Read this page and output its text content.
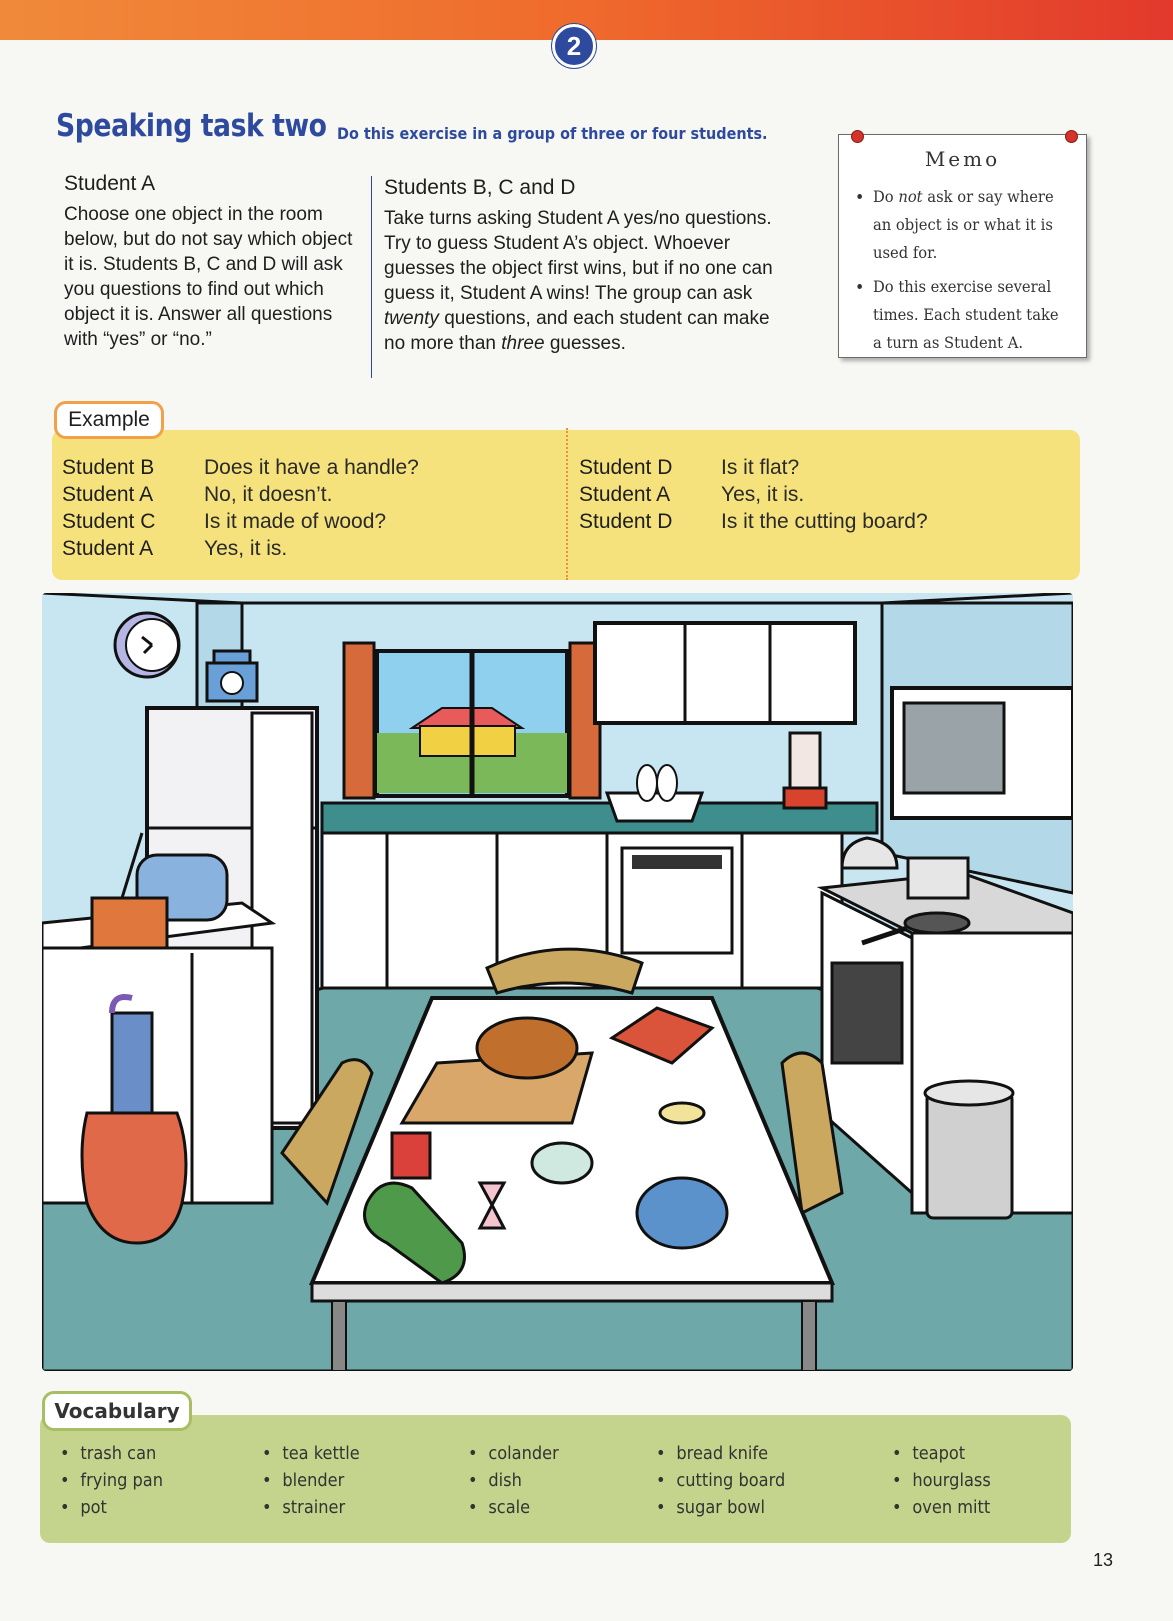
2
Speaking task two Do this exercise in a group of three or four students.
Student A
Choose one object in the room below, but do not say which object it is. Students B, C and D will ask you questions to find out which object it is. Answer all questions with “yes” or “no.”
Students B, C and D
Take turns asking Student A yes/no questions. Try to guess Student A’s object. Whoever guesses the object first wins, but if no one can guess it, Student A wins! The group can ask twenty questions, and each student can make no more than three guesses.
Memo
• Do not ask or say where an object is or what it is used for.
• Do this exercise several times. Each student take a turn as Student A.
Example
Student B	Does it have a handle?
Student A	No, it doesn’t.
Student C	Is it made of wood?
Student A	Yes, it is.
Student D	Is it flat?
Student A	Yes, it is.
Student D	Is it the cutting board?
Vocabulary
• trash can
• frying pan
• pot
• tea kettle
• blender
• strainer
• colander
• dish
• scale
• bread knife
• cutting board
• sugar bowl
• teapot
• hourglass
• oven mitt
13
